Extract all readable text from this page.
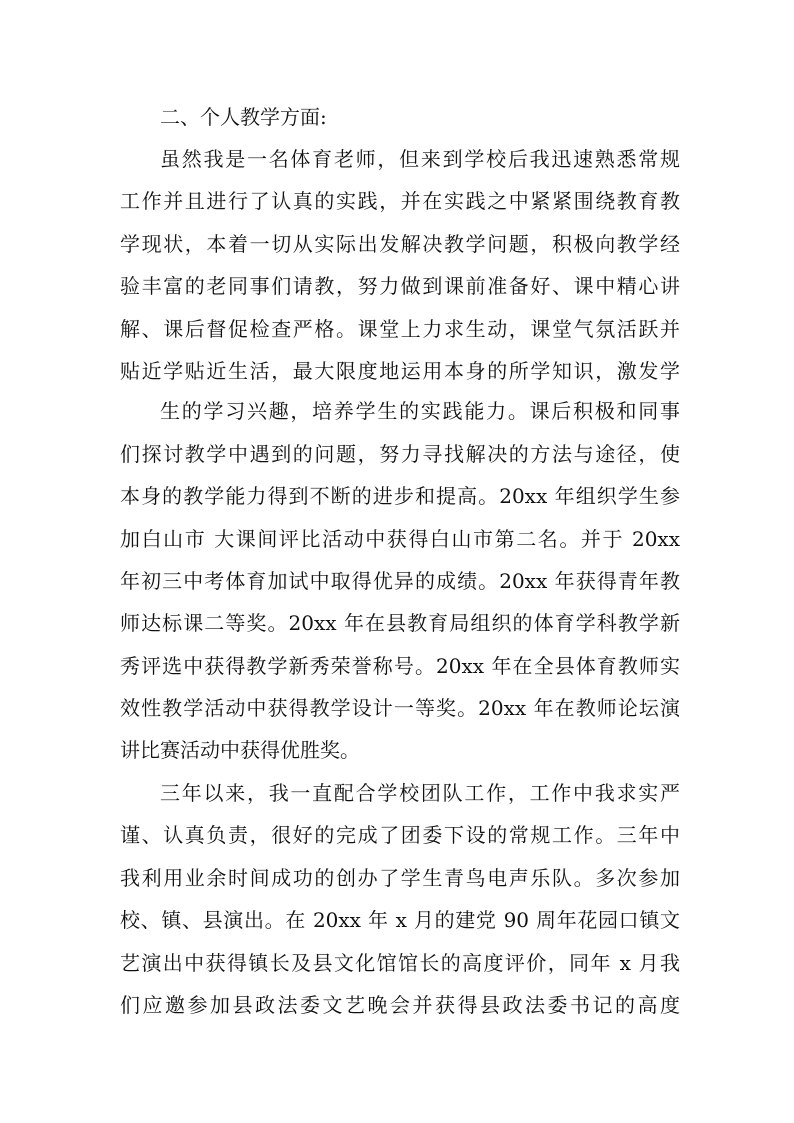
二、个人教学方面:
虽然我是一名体育老师，但来到学校后我迅速熟悉常规
工作并且进行了认真的实践，并在实践之中紧紧围绕教育教
学现状，本着一切从实际出发解决教学问题，积极向教学经
验丰富的老同事们请教，努力做到课前准备好、课中精心讲
解、课后督促检查严格。课堂上力求生动，课堂气氛活跃并
贴近学贴近生活，最大限度地运用本身的所学知识，激发学
生的学习兴趣，培养学生的实践能力。课后积极和同事
们探讨教学中遇到的问题，努力寻找解决的方法与途径，使
本身的教学能力得到不断的进步和提高。20xx 年组织学生参
加白山市 大课间评比活动中获得白山市第二名。并于 20xx
年初三中考体育加试中取得优异的成绩。20xx 年获得青年教
师达标课二等奖。20xx 年在县教育局组织的体育学科教学新
秀评选中获得教学新秀荣誉称号。20xx 年在全县体育教师实
效性教学活动中获得教学设计一等奖。20xx 年在教师论坛演
讲比赛活动中获得优胜奖。
三年以来，我一直配合学校团队工作，工作中我求实严
谨、认真负责，很好的完成了团委下设的常规工作。三年中
我利用业余时间成功的创办了学生青鸟电声乐队。多次参加
校、镇、县演出。在 20xx 年 x 月的建党 90 周年花园口镇文
艺演出中获得镇长及县文化馆馆长的高度评价，同年 x 月我
们应邀参加县政法委文艺晚会并获得县政法委书记的高度
